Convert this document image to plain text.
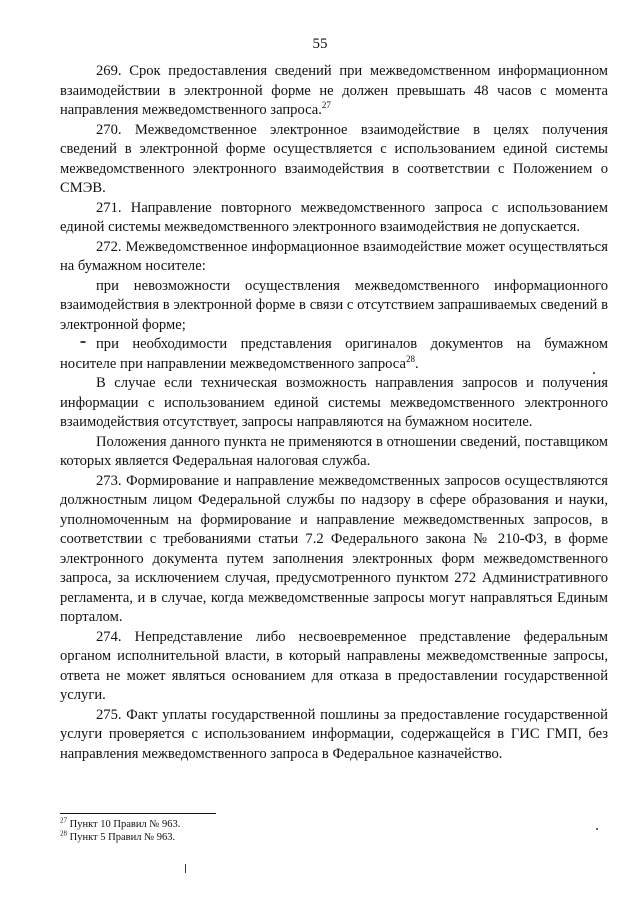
55

269. Срок предоставления сведений при межведомственном информационном взаимодействии в электронной форме не должен превышать 48 часов с момента направления межведомственного запроса.$^{27}$

270. Межведомственное электронное взаимодействие в целях получения сведений в электронной форме осуществляется с использованием единой системы межведомственного электронного взаимодействия в соответствии с Положением о СМЭВ.

271. Направление повторного межведомственного запроса с использованием единой системы межведомственного электронного взаимодействия не допускается.

272. Межведомственное информационное взаимодействие может осуществляться на бумажном носителе:

при невозможности осуществления межведомственного информационного взаимодействия в электронной форме в связи с отсутствием запрашиваемых сведений в электронной форме;

при необходимости представления оригиналов документов на бумажном носителе при направлении межведомственного запроса$^{28}$.

В случае если техническая возможность направления запросов и получения информации с использованием единой системы межведомственного электронного взаимодействия отсутствует, запросы направляются на бумажном носителе.

Положения данного пункта не применяются в отношении сведений, поставщиком которых является Федеральная налоговая служба.

273. Формирование и направление межведомственных запросов осуществляются должностным лицом Федеральной службы по надзору в сфере образования и науки, уполномоченным на формирование и направление межведомственных запросов, в соответствии с требованиями статьи 7.2 Федерального закона № 210-ФЗ, в форме электронного документа путем заполнения электронных форм межведомственного запроса, за исключением случая, предусмотренного пунктом 272 Административного регламента, и в случае, когда межведомственные запросы могут направляться Единым порталом.

274. Непредставление либо несвоевременное представление федеральным органом исполнительной власти, в который направлены межведомственные запросы, ответа не может являться основанием для отказа в предоставлении государственной услуги.

275. Факт уплаты государственной пошлины за предоставление государственной услуги проверяется с использованием информации, содержащейся в ГИС ГМП, без направления межведомственного запроса в Федеральное казначейство.

$^{27}$ Пункт 10 Правил № 963.

$^{28}$ Пункт 5 Правил № 963.
